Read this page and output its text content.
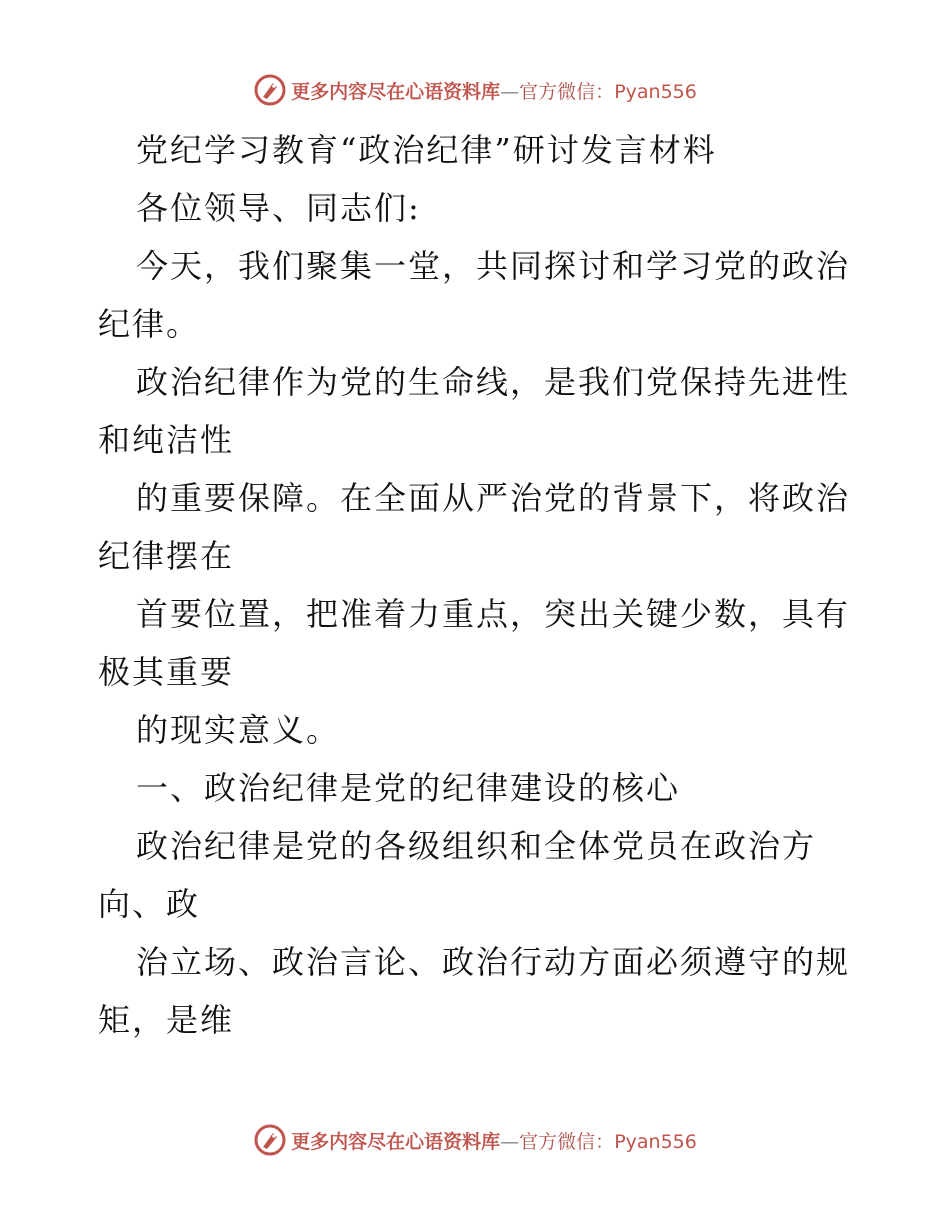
更多内容尽在心语资料库—官方微信：Pyan556
党纪学习教育“政治纪律”研讨发言材料
各位领导、同志们:
今天，我们聚集一堂，共同探讨和学习党的政治
纪律。
政治纪律作为党的生命线，是我们党保持先进性
和纯洁性
的重要保障。在全面从严治党的背景下，将政治
纪律摆在
首要位置，把准着力重点，突出关键少数，具有
极其重要
的现实意义。
一、政治纪律是党的纪律建设的核心
政治纪律是党的各级组织和全体党员在政治方
向、政
治立场、政治言论、政治行动方面必须遵守的规
矩，是维
更多内容尽在心语资料库—官方微信：Pyan556
